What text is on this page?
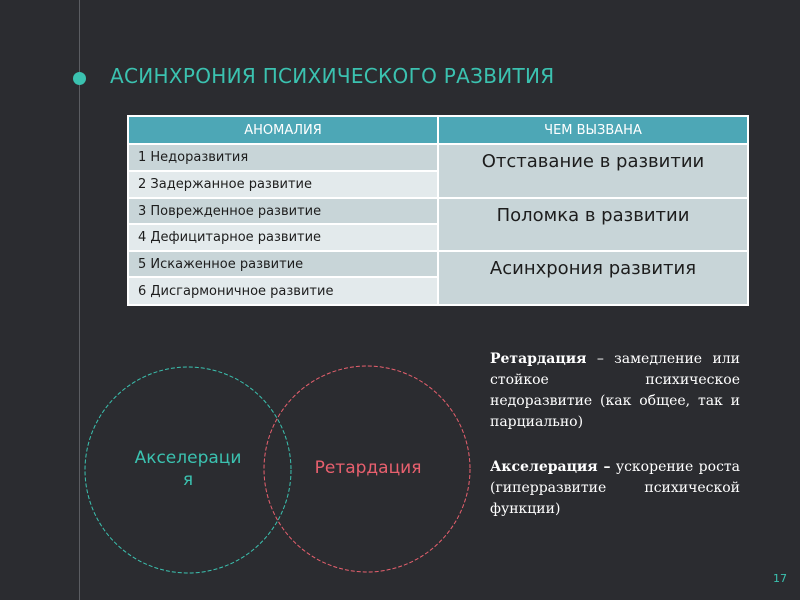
АСИНХРОНИЯ ПСИХИЧЕСКОГО РАЗВИТИЯ
АНОМАЛИЯ	ЧЕМ ВЫЗВАНА
1 Недоразвития
2 Задержанное развитие
3 Поврежденное развитие
4 Дефицитарное развитие
5 Искаженное развитие
6 Дисгармоничное развитие
Отставание в развитии
Поломка в развитии
Асинхрония развития
Акселераци
я
Ретардация
Ретардация – замедление или стойкое психическое недоразвитие (как общее, так и парциально)
Акселерация – ускорение роста (гиперразвитие психической функции)
17
